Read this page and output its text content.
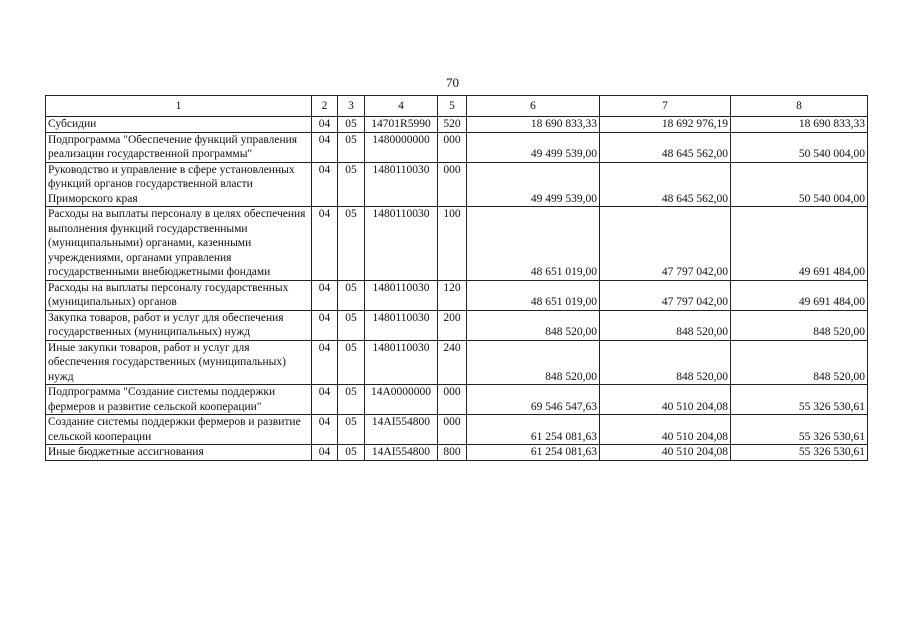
70
1	2	3	4	5	6	7	8
Субсидии	04	05	14701R5990	520	18 690 833,33	18 692 976,19	18 690 833,33
Подпрограмма "Обеспечение функций управления реализации государственной программы"	04	05	1480000000	000	49 499 539,00	48 645 562,00	50 540 004,00
Руководство и управление в сфере установленных функций органов государственной власти Приморского края	04	05	1480110030	000	49 499 539,00	48 645 562,00	50 540 004,00
Расходы на выплаты персоналу в целях обеспечения выполнения функций государственными (муниципальными) органами, казенными учреждениями, органами управления государственными внебюджетными фондами	04	05	1480110030	100	48 651 019,00	47 797 042,00	49 691 484,00
Расходы на выплаты персоналу государственных (муниципальных) органов	04	05	1480110030	120	48 651 019,00	47 797 042,00	49 691 484,00
Закупка товаров, работ и услуг для обеспечения государственных (муниципальных) нужд	04	05	1480110030	200	848 520,00	848 520,00	848 520,00
Иные закупки товаров, работ и услуг для обеспечения государственных (муниципальных) нужд	04	05	1480110030	240	848 520,00	848 520,00	848 520,00
Подпрограмма "Создание системы поддержки фермеров и развитие сельской кооперации"	04	05	14А0000000	000	69 546 547,63	40 510 204,08	55 326 530,61
Создание системы поддержки фермеров и развитие сельской кооперации	04	05	14АI554800	000	61 254 081,63	40 510 204,08	55 326 530,61
Иные бюджетные ассигнования	04	05	14АI554800	800	61 254 081,63	40 510 204,08	55 326 530,61
